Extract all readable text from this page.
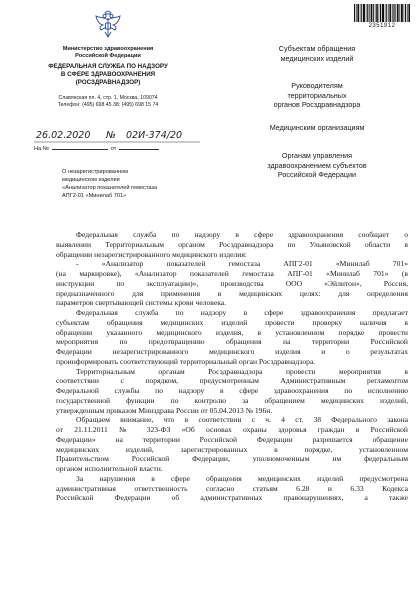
2351912
Министерство здравоохранения
Российской Федерации
ФЕДЕРАЛЬНАЯ СЛУЖБА ПО НАДЗОРУ
В СФЕРЕ ЗДРАВООХРАНЕНИЯ
(РОСЗДРАВНАДЗОР)
Славянская пл. 4, стр. 1, Москва, 109074
Телефон: (495) 698 45 38; (495) 698 15 74
26.02.2020 № 02И-374/20
На №	от
О незарегистрированном
медицинском изделии
«Анализатор показателей гемостаза
АПГ2-01 «Минилаб 701»
Субъектам обращения
медицинских изделий
Руководителям
территориальных
органов Росздравнадзора
Медицинским организациям
Органам управления
здравоохранением субъектов
Российской Федерации
Федеральная служба по надзору в сфере здравоохранения сообщает о
выявлении Территориальным органом Росздравнадзора по Ульяновской области в
обращении незарегистрированного медицинского изделия:
- «Анализатор показателей гемостаза АПГ2-01 «Минилаб 701»
(на маркировке), «Анализатор показателей гемостаза АПГ-01 «Минилаб 701» (в
инструкции по эксплуатации)», производства ООО «Эйлитон», Россия,
предназначенного для применения в медицинских целях: для определения
параметров свертывающей системы крови человека.
Федеральная служба по надзору в сфере здравоохранения предлагает
субъектам обращения медицинских изделий провести проверку наличия в
обращении указанного медицинского изделия, в установленном порядке провести
мероприятия по предотвращению обращения на территории Российской
Федерации незарегистрированного медицинского изделия и о результатах
проинформировать соответствующий территориальный орган Росздравнадзора.
Территориальным органам Росздравнадзора провести мероприятия в
соответствии с порядком, предусмотренным Административным регламентом
Федеральной службы по надзору в сфере здравоохранения по исполнению
государственной функции по контролю за обращением медицинских изделий,
утвержденным приказом Минздрава России от 05.04.2013 № 196н.
Обращаем внимание, что в соответствии с ч. 4 ст. 38 Федерального закона
от 21.11.2011 № 323-ФЗ «Об основах охраны здоровья граждан в Российской
Федерации» на территории Российской Федерации разрешается обращение
медицинских изделий, зарегистрированных в порядке, установленном
Правительством Российской Федерации, уполномоченным им федеральным
органом исполнительной власти.
За нарушения в сфере обращения медицинских изделий предусмотрена
административная ответственность согласно статьям 6.28 и 6.33 Кодекса
Российской Федерации об административных правонарушениях, а также
